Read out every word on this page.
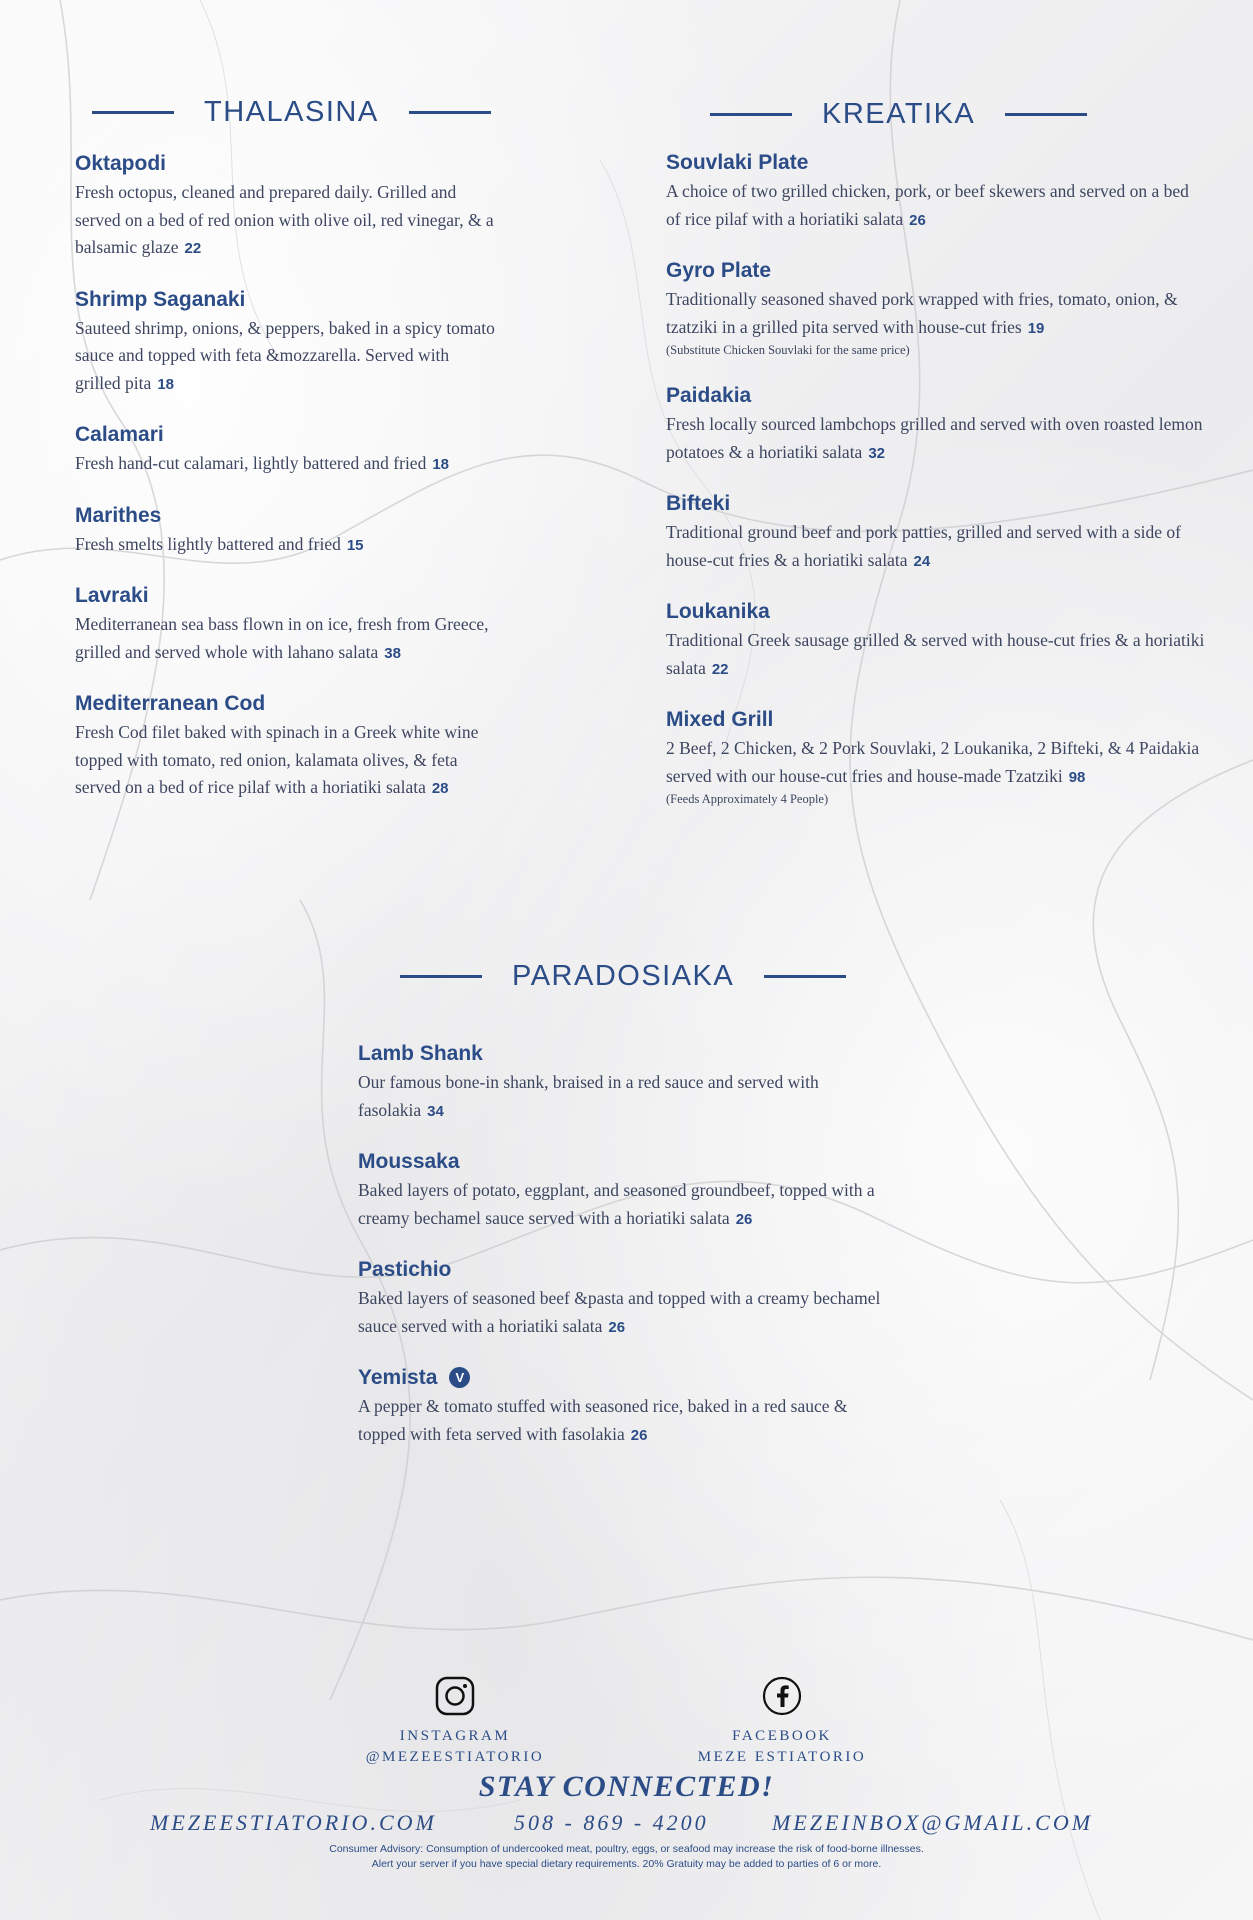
THALASINA	KREATIKA
Oktapodi
Fresh octopus, cleaned and prepared daily. Grilled and served on a bed of red onion with olive oil, red vinegar, & a balsamic glaze 22
Shrimp Saganaki
Sauteed shrimp, onions, & peppers, baked in a spicy tomato sauce and topped with feta &mozzarella. Served with grilled pita 18
Calamari
Fresh hand-cut calamari, lightly battered and fried 18
Marithes
Fresh smelts lightly battered and fried 15
Lavraki
Mediterranean sea bass flown in on ice, fresh from Greece, grilled and served whole with lahano salata 38
Mediterranean Cod
Fresh Cod filet baked with spinach in a Greek white wine topped with tomato, red onion, kalamata olives, & feta served on a bed of rice pilaf with a horiatiki salata 28
Souvlaki Plate
A choice of two grilled chicken, pork, or beef skewers and served on a bed of rice pilaf with a horiatiki salata 26
Gyro Plate
Traditionally seasoned shaved pork wrapped with fries, tomato, onion, & tzatziki in a grilled pita served with house-cut fries 19
(Substitute Chicken Souvlaki for the same price)
Paidakia
Fresh locally sourced lambchops grilled and served with oven roasted lemon potatoes & a horiatiki salata 32
Bifteki
Traditional ground beef and pork patties, grilled and served with a side of house-cut fries & a horiatiki salata 24
Loukanika
Traditional Greek sausage grilled & served with house-cut fries & a horiatiki salata 22
Mixed Grill
2 Beef, 2 Chicken, & 2 Pork Souvlaki, 2 Loukanika, 2 Bifteki, & 4 Paidakia served with our house-cut fries and house-made Tzatziki 98
(Feeds Approximately 4 People)
PARADOSIAKA
Lamb Shank
Our famous bone-in shank, braised in a red sauce and served with fasolakia 34
Moussaka
Baked layers of potato, eggplant, and seasoned groundbeef, topped with a creamy bechamel sauce served with a horiatiki salata 26
Pastichio
Baked layers of seasoned beef &pasta and topped with a creamy bechamel sauce served with a horiatiki salata 26
Yemista V
A pepper & tomato stuffed with seasoned rice, baked in a red sauce & topped with feta served with fasolakia 26
INSTAGRAM
@MEZEESTIATORIO
FACEBOOK
MEZE ESTIATORIO
STAY CONNECTED!
MEZEESTIATORIO.COM	508 - 869 - 4200	MEZEINBOX@GMAIL.COM
Consumer Advisory: Consumption of undercooked meat, poultry, eggs, or seafood may increase the risk of food-borne illnesses.
Alert your server if you have special dietary requirements. 20% Gratuity may be added to parties of 6 or more.
